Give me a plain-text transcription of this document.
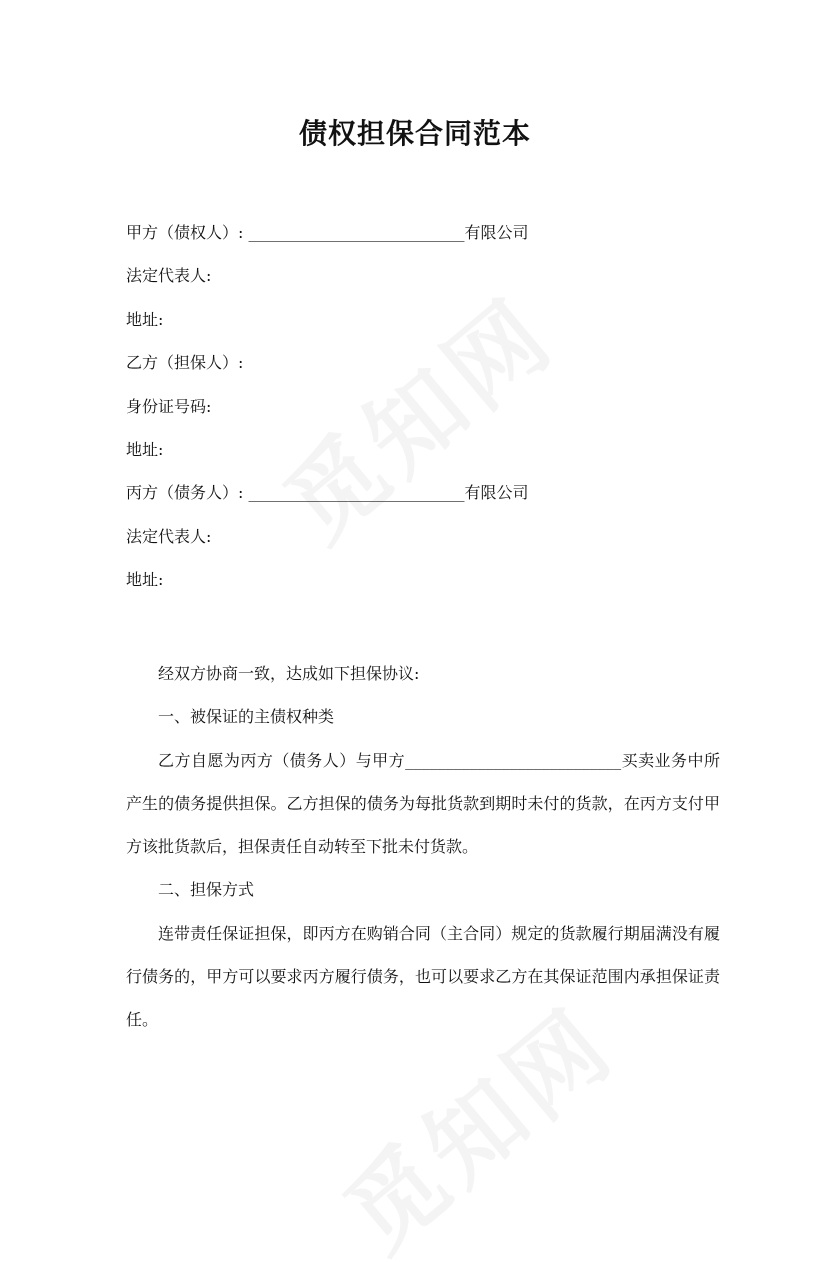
债权担保合同范本
甲方（债权人）: ___________________________有限公司
法定代表人:
地址:
乙方（担保人）:
身份证号码:
地址:
丙方（债务人）: ___________________________有限公司
法定代表人:
地址:

经双方协商一致，达成如下担保协议:

一、被保证的主债权种类

乙方自愿为丙方（债务人）与甲方___________________________买卖业务中所产生的债务提供担保。乙方担保的债务为每批货款到期时未付的货款，在丙方支付甲方该批货款后，担保责任自动转至下批未付货款。

二、担保方式

连带责任保证担保，即丙方在购销合同（主合同）规定的货款履行期届满没有履行债务的，甲方可以要求丙方履行债务，也可以要求乙方在其保证范围内承担保证责任。
